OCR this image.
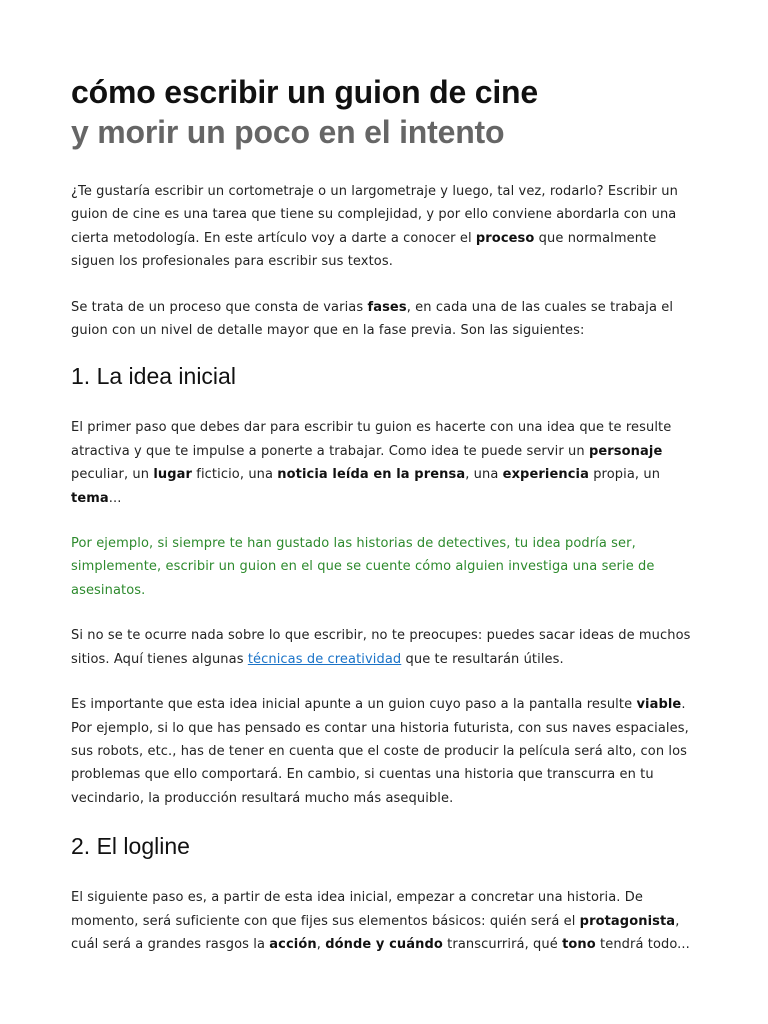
cómo escribir un guion de cine
y morir un poco en el intento

¿Te gustaría escribir un cortometraje o un largometraje y luego, tal vez, rodarlo? Escribir un guion de cine es una tarea que tiene su complejidad, y por ello conviene abordarla con una cierta metodología. En este artículo voy a darte a conocer el proceso que normalmente siguen los profesionales para escribir sus textos.

Se trata de un proceso que consta de varias fases, en cada una de las cuales se trabaja el guion con un nivel de detalle mayor que en la fase previa. Son las siguientes:

1. La idea inicial

El primer paso que debes dar para escribir tu guion es hacerte con una idea que te resulte atractiva y que te impulse a ponerte a trabajar. Como idea te puede servir un personaje peculiar, un lugar ficticio, una noticia leída en la prensa, una experiencia propia, un tema...

Por ejemplo, si siempre te han gustado las historias de detectives, tu idea podría ser, simplemente, escribir un guion en el que se cuente cómo alguien investiga una serie de asesinatos.

Si no se te ocurre nada sobre lo que escribir, no te preocupes: puedes sacar ideas de muchos sitios. Aquí tienes algunas técnicas de creatividad que te resultarán útiles.

Es importante que esta idea inicial apunte a un guion cuyo paso a la pantalla resulte viable. Por ejemplo, si lo que has pensado es contar una historia futurista, con sus naves espaciales, sus robots, etc., has de tener en cuenta que el coste de producir la película será alto, con los problemas que ello comportará. En cambio, si cuentas una historia que transcurra en tu vecindario, la producción resultará mucho más asequible.

2. El logline

El siguiente paso es, a partir de esta idea inicial, empezar a concretar una historia. De momento, será suficiente con que fijes sus elementos básicos: quién será el protagonista, cuál será a grandes rasgos la acción, dónde y cuándo transcurrirá, qué tono tendrá todo...
